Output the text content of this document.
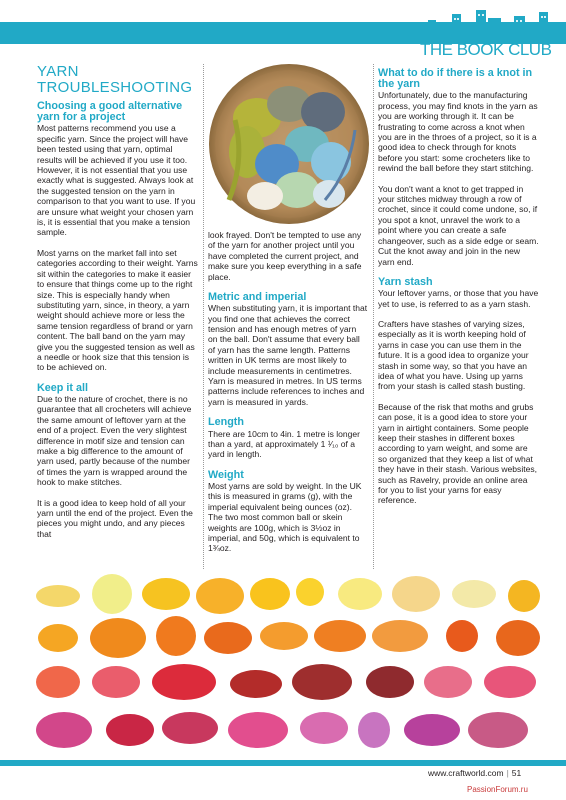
THE BOOK CLUB
YARN
TROUBLESHOOTING
Choosing a good alternative yarn for a project

Most patterns recommend you use a specific yarn. Since the project will have been tested using that yarn, optimal results will be achieved if you use it too. However, it is not essential that you use exactly what is suggested. Always look at the suggested tension on the yarn in comparison to that you want to use. If you are unsure what weight your chosen yarn is, it is essential that you make a tension sample.

Most yarns on the market fall into set categories according to their weight. Yarns sit within the categories to make it easier to ensure that things come up to the right size. This is especially handy when substituting yarn, since, in theory, a yarn weight should achieve more or less the same tension regardless of brand or yarn content. The ball band on the yarn may give you the suggested tension as well as a needle or hook size that this tension is to be achieved on.

Keep it all

Due to the nature of crochet, there is no guarantee that all crocheters will achieve the same amount of leftover yarn at the end of a project. Even the very slightest difference in motif size and tension can make a big difference to the amount of yarn used, partly because of the number of times the yarn is wrapped around the hook to make stitches.

It is a good idea to keep hold of all your yarn until the end of the project. Even the pieces you might undo, and any pieces that

look frayed. Don't be tempted to use any of the yarn for another project until you have completed the current project, and make sure you keep everything in a safe place.

Metric and imperial

When substituting yarn, it is important that you find one that achieves the correct tension and has enough metres of yarn on the ball. Don't assume that every ball of yarn has the same length. Patterns written in UK terms are most likely to include measurements in centimetres. Yarn is measured in metres. In US terms patterns include references to inches and yarn is measured in yards.

Length

There are 10cm to 4in. 1 metre is longer than a yard, at approximately 1 ¹⁄₁₀ of a yard in length.

Weight

Most yarns are sold by weight. In the UK this is measured in grams (g), with the imperial equivalent being ounces (oz). The two most common ball or skein weights are 100g, which is 3½oz in imperial, and 50g, which is equivalent to 1¾oz.

What to do if there is a knot in the yarn

Unfortunately, due to the manufacturing process, you may find knots in the yarn as you are working through it. It can be frustrating to come across a knot when you are in the throes of a project, so it is a good idea to check through for knots before you start: some crocheters like to rewind the ball before they start stitching.

You don't want a knot to get trapped in your stitches midway through a row of crochet, since it could come undone, so, if you spot a knot, unravel the work to a point where you can create a safe changeover, such as a side edge or seam. Cut the knot away and join in the new yarn end.

Yarn stash

Your leftover yarns, or those that you have yet to use, is referred to as a yarn stash.

Crafters have stashes of varying sizes, especially as it is worth keeping hold of yarns in case you can use them in the future. It is a good idea to organize your stash in some way, so that you have an idea of what you have. Using up yarns from your stash is called stash busting.

Because of the risk that moths and grubs can pose, it is a good idea to store your yarn in airtight containers. Some people keep their stashes in different boxes according to yarn weight, and some are so organized that they keep a list of what they have in their stash. Various websites, such as Ravelry, provide an online area for you to list your yarns for easy reference.

www.craftworld.com | 51
PassionForum.ru
